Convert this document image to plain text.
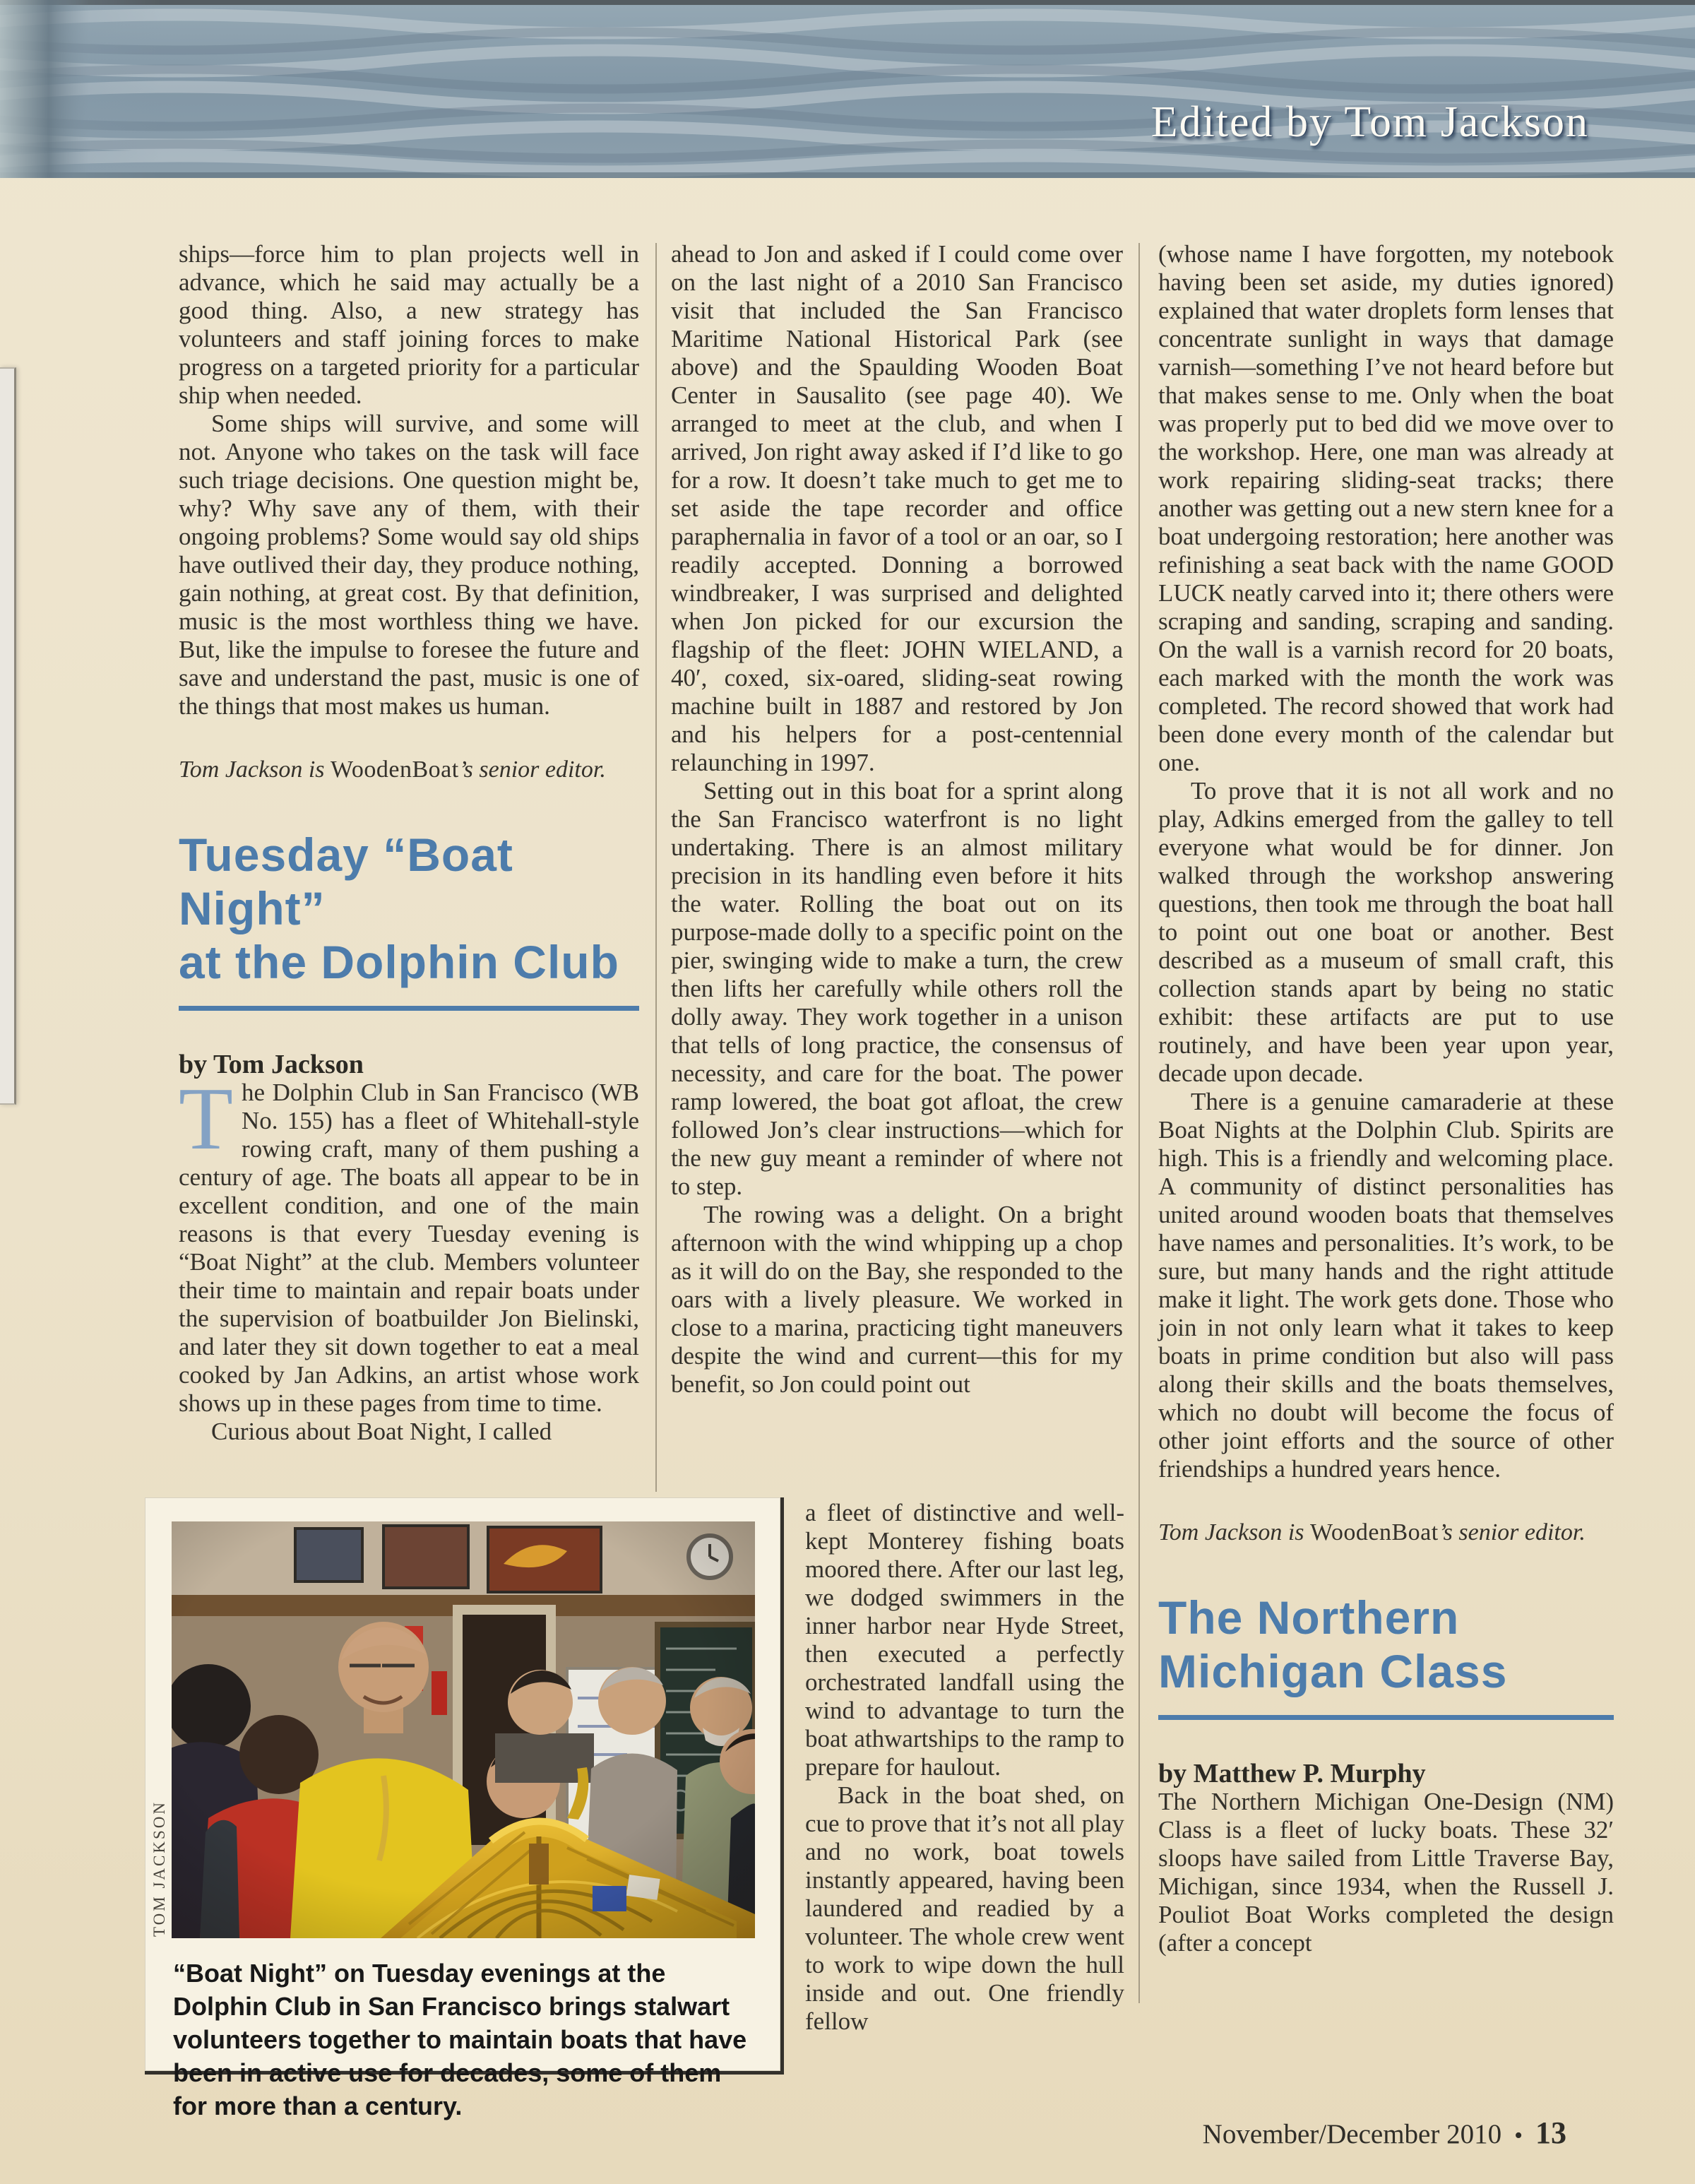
Edited by Tom Jackson

ships—force him to plan projects well in advance, which he said may actually be a good thing. Also, a new strategy has volunteers and staff joining forces to make progress on a targeted priority for a particular ship when needed.

Some ships will survive, and some will not. Anyone who takes on the task will face such triage decisions. One question might be, why? Why save any of them, with their ongoing problems? Some would say old ships have outlived their day, they produce nothing, gain nothing, at great cost. By that definition, music is the most worthless thing we have. But, like the impulse to foresee the future and save and understand the past, music is one of the things that most makes us human.

Tom Jackson is WoodenBoat’s senior editor.
Tuesday “Boat Night”
at the Dolphin Club
by Tom Jackson

The Dolphin Club in San Francisco (WB No. 155) has a fleet of Whitehall-style rowing craft, many of them pushing a century of age. The boats all appear to be in excellent condition, and one of the main reasons is that every Tuesday evening is “Boat Night” at the club. Members volunteer their time to maintain and repair boats under the supervision of boatbuilder Jon Bielinski, and later they sit down together to eat a meal cooked by Jan Adkins, an artist whose work shows up in these pages from time to time.

Curious about Boat Night, I called

ahead to Jon and asked if I could come over on the last night of a 2010 San Francisco visit that included the San Francisco Maritime National Historical Park (see above) and the Spaulding Wooden Boat Center in Sausalito (see page 40). We arranged to meet at the club, and when I arrived, Jon right away asked if I’d like to go for a row. It doesn’t take much to get me to set aside the tape recorder and office paraphernalia in favor of a tool or an oar, so I readily accepted. Donning a borrowed windbreaker, I was surprised and delighted when Jon picked for our excursion the flagship of the fleet: JOHN WIELAND, a 40′, coxed, six-oared, sliding-seat rowing machine built in 1887 and restored by Jon and his helpers for a post-centennial relaunching in 1997.

Setting out in this boat for a sprint along the San Francisco waterfront is no light undertaking. There is an almost military precision in its handling even before it hits the water. Rolling the boat out on its purpose-made dolly to a specific point on the pier, swinging wide to make a turn, the crew then lifts her carefully while others roll the dolly away. They work together in a unison that tells of long practice, the consensus of necessity, and care for the boat. The power ramp lowered, the boat got afloat, the crew followed Jon’s clear instructions—which for the new guy meant a reminder of where not to step.

The rowing was a delight. On a bright afternoon with the wind whipping up a chop as it will do on the Bay, she responded to the oars with a lively pleasure. We worked in close to a marina, practicing tight maneuvers despite the wind and current—this for my benefit, so Jon could point out

a fleet of distinctive and well-kept Monterey fishing boats moored there. After our last leg, we dodged swimmers in the inner harbor near Hyde Street, then executed a perfectly orchestrated landfall using the wind to advantage to turn the boat athwartships to the ramp to prepare for haulout.

Back in the boat shed, on cue to prove that it’s not all play and no work, boat towels instantly appeared, having been laundered and readied by a volunteer. The whole crew went to work to wipe down the hull inside and out. One friendly fellow

(whose name I have forgotten, my notebook having been set aside, my duties ignored) explained that water droplets form lenses that concentrate sunlight in ways that damage varnish—something I’ve not heard before but that makes sense to me. Only when the boat was properly put to bed did we move over to the workshop. Here, one man was already at work repairing sliding-seat tracks; there another was getting out a new stern knee for a boat undergoing restoration; here another was refinishing a seat back with the name GOOD LUCK neatly carved into it; there others were scraping and sanding, scraping and sanding. On the wall is a varnish record for 20 boats, each marked with the month the work was completed. The record showed that work had been done every month of the calendar but one.

To prove that it is not all work and no play, Adkins emerged from the galley to tell everyone what would be for dinner. Jon walked through the workshop answering questions, then took me through the boat hall to point out one boat or another. Best described as a museum of small craft, this collection stands apart by being no static exhibit: these artifacts are put to use routinely, and have been year upon year, decade upon decade.

There is a genuine camaraderie at these Boat Nights at the Dolphin Club. Spirits are high. This is a friendly and welcoming place. A community of distinct personalities has united around wooden boats that themselves have names and personalities. It’s work, to be sure, but many hands and the right attitude make it light. The work gets done. Those who join in not only learn what it takes to keep boats in prime condition but also will pass along their skills and the boats themselves, which no doubt will become the focus of other joint efforts and the source of other friendships a hundred years hence.

Tom Jackson is WoodenBoat’s senior editor.
The Northern
Michigan Class
by Matthew P. Murphy

The Northern Michigan One-Design (NM) Class is a fleet of lucky boats. These 32′ sloops have sailed from Little Traverse Bay, Michigan, since 1934, when the Russell J. Pouliot Boat Works completed the design (after a concept

TOM JACKSON
“Boat Night” on Tuesday evenings at the Dolphin Club in San Francisco brings stalwart volunteers together to maintain boats that have been in active use for decades, some of them for more than a century.
November/December 2010 • 13
